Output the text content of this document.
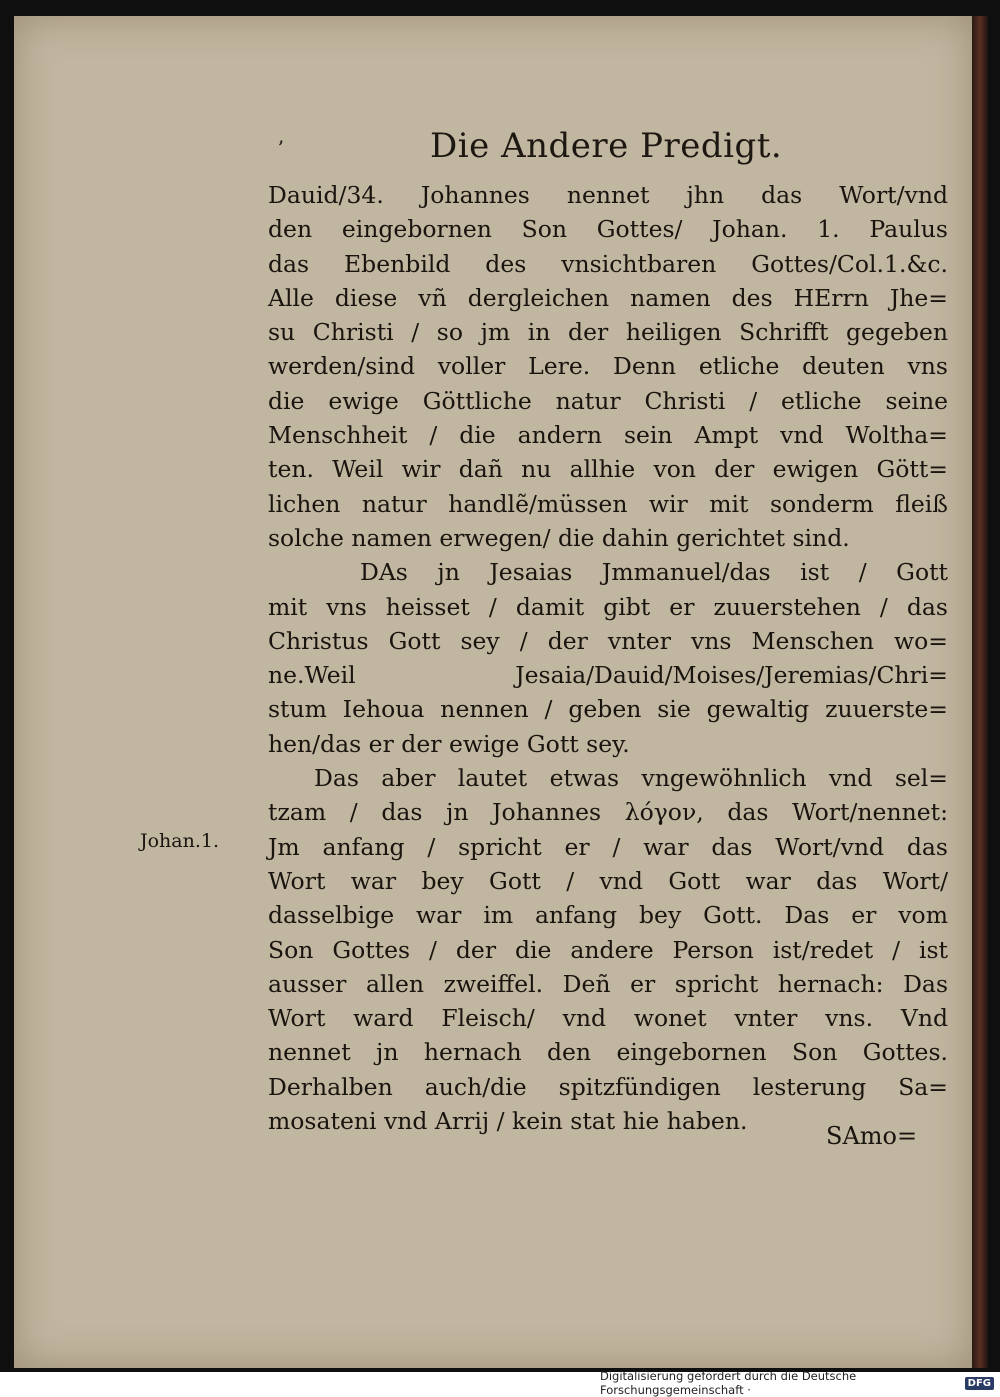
ʼ	Die Andere Predigt.
Johan.1.
Dauid/34. Johannes nennet jhn das Wort/vnd
den eingebornen Son Gottes/ Johan. 1. Paulus
das Ebenbild des vnsichtbaren Gottes/Col.1.&c.
Alle diese vñ dergleichen namen des HErrn Jhe=
su Christi / so jm in der heiligen Schrifft gegeben
werden/sind voller Lere. Denn etliche deuten vns
die ewige Göttliche natur Christi / etliche seine
Menschheit / die andern sein Ampt vnd Woltha=
ten. Weil wir dañ nu allhie von der ewigen Gött=
lichen natur handlẽ/müssen wir mit sonderm fleiß
solche namen erwegen/ die dahin gerichtet sind.
DAs jn Jesaias Jmmanuel/das ist / Gott
mit vns heisset / damit gibt er zuuerstehen / das
Christus Gott sey / der vnter vns Menschen wo=
ne.Weil Jesaia/Dauid/Moises/Jeremias/Chri=
stum Iehoua nennen / geben sie gewaltig zuuerste=
hen/das er der ewige Gott sey.
Das aber lautet etwas vngewöhnlich vnd sel=
tzam / das jn Johannes λόγον, das Wort/nennet:
Jm anfang / spricht er / war das Wort/vnd das
Wort war bey Gott / vnd Gott war das Wort/
dasselbige war im anfang bey Gott. Das er vom
Son Gottes / der die andere Person ist/redet / ist
ausser allen zweiffel. Deñ er spricht hernach: Das
Wort ward Fleisch/ vnd wonet vnter vns. Vnd
nennet jn hernach den eingebornen Son Gottes.
Derhalben auch/die spitzfündigen lesterung Sa=
mosateni vnd Arrij / kein stat hie haben.
SAmo=
Digitalisierung gefördert durch die Deutsche Forschungsgemeinschaft ·	DFG
